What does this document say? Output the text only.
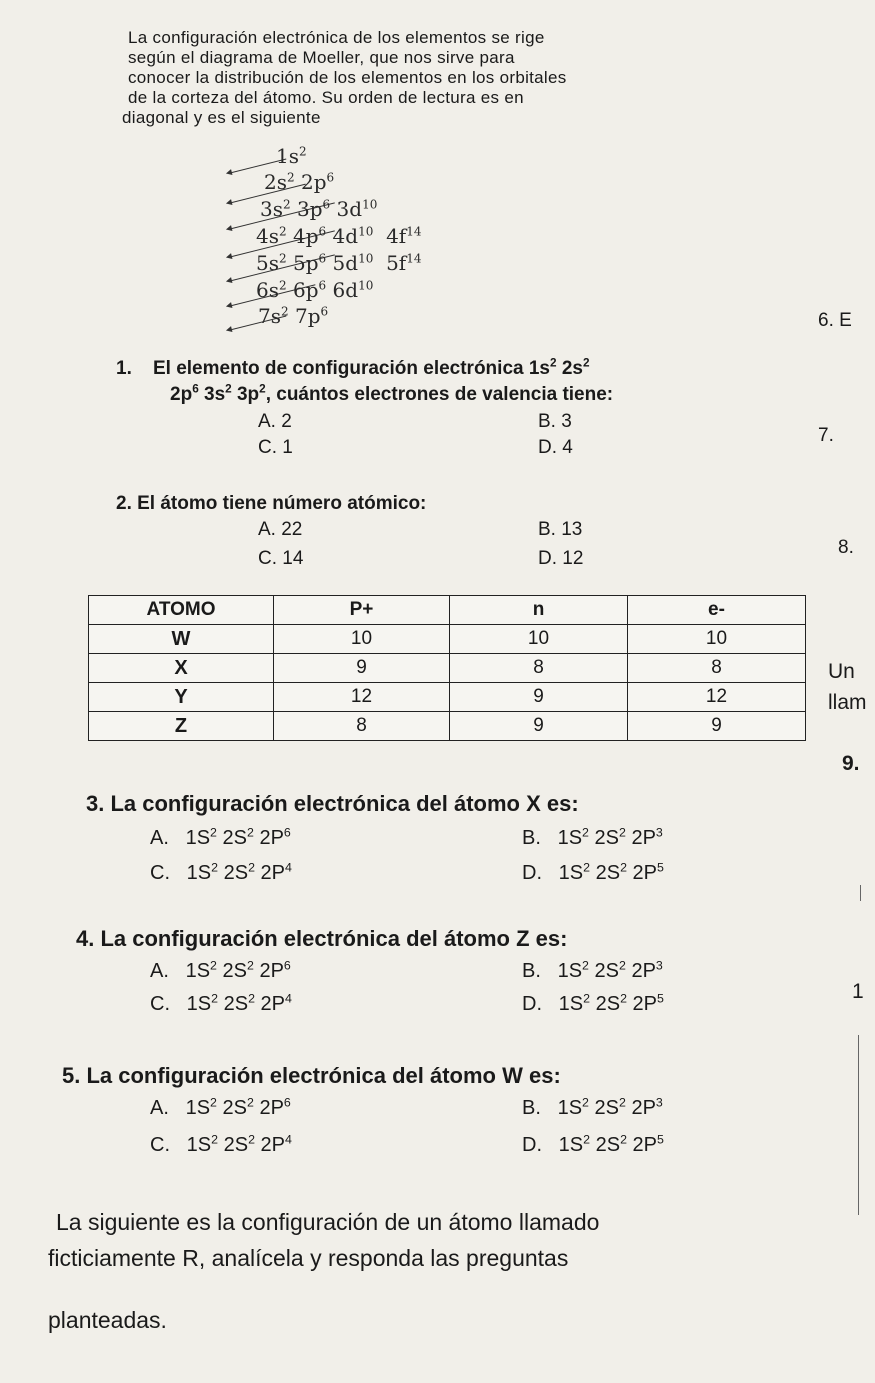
La configuración electrónica de los elementos se rige
según el diagrama de Moeller, que nos sirve para
conocer la distribución de los elementos en los orbitales
de la corteza del átomo. Su orden de lectura es en
diagonal y es el siguiente
$1s^2$
$2s^2$ $2p^6$
$3s^2$ $3p^6$ $3d^{10}$
$4s^2$ $4p^6$ $4d^{10}$ $4f^{14}$
$5s^2$ $5p^6$ $5d^{10}$ $5f^{14}$
$6s^2$ $6p^6$ $6d^{10}$
$7s^2$ $7p^6$	6. E
7.
8.
Un
llam
9.
1
1. El elemento de configuración electrónica $1s^2$ $2s^2$
$2p^6$ $3s^2$ $3p^2$, cuántos electrones de valencia tiene:
A. 2	B. 3
C. 1	D. 4
2. El átomo tiene número atómico:
A. 22	B. 13
C. 14	D. 12
ATOMO	P+	n	e-
W	10	10	10
X	9	8	8
Y	12	9	12
Z	8	9	9
3. La configuración electrónica del átomo X es:
A. $1S^2$ $2S^2$ $2P^6$	B. $1S^2$ $2S^2$ $2P^3$
C. $1S^2$ $2S^2$ $2P^4$	D. $1S^2$ $2S^2$ $2P^5$
4. La configuración electrónica del átomo Z es:
A. $1S^2$ $2S^2$ $2P^6$	B. $1S^2$ $2S^2$ $2P^3$
C. $1S^2$ $2S^2$ $2P^4$	D. $1S^2$ $2S^2$ $2P^5$
5. La configuración electrónica del átomo W es:
A. $1S^2$ $2S^2$ $2P^6$	B. $1S^2$ $2S^2$ $2P^3$
C. $1S^2$ $2S^2$ $2P^4$	D. $1S^2$ $2S^2$ $2P^5$
La siguiente es la configuración de un átomo llamado
ficticiamente R, analícela y responda las preguntas
planteadas.
